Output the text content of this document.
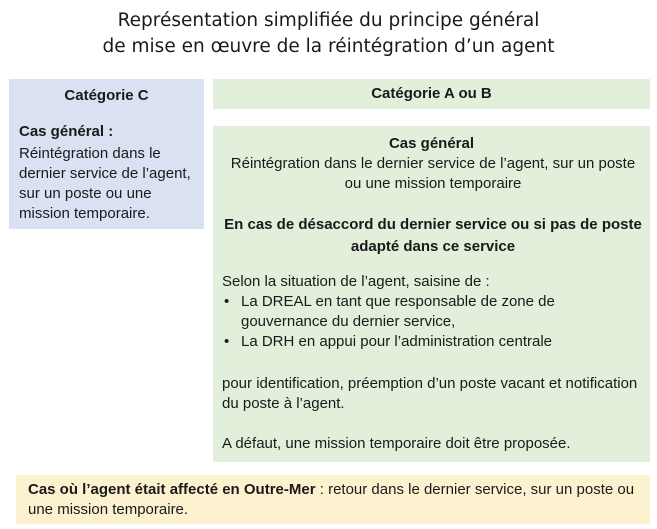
Représentation simplifiée du principe général
de mise en œuvre de la réintégration d’un agent
Catégorie C
Cas général :
Réintégration dans le dernier service de l’agent, sur un poste ou une mission temporaire.
Catégorie A ou B
Cas général
Réintégration dans le dernier service de l’agent, sur un poste ou une mission temporaire
En cas de désaccord du dernier service ou si pas de poste adapté dans ce service
Selon la situation de l’agent, saisine de :
• La DREAL en tant que responsable de zone de gouvernance du dernier service,
• La DRH en appui pour l’administration centrale
pour identification, préemption d’un poste vacant et notification du poste à l’agent.
A défaut, une mission temporaire doit être proposée.
Cas où l’agent était affecté en Outre-Mer : retour dans le dernier service, sur un poste ou une mission temporaire.
